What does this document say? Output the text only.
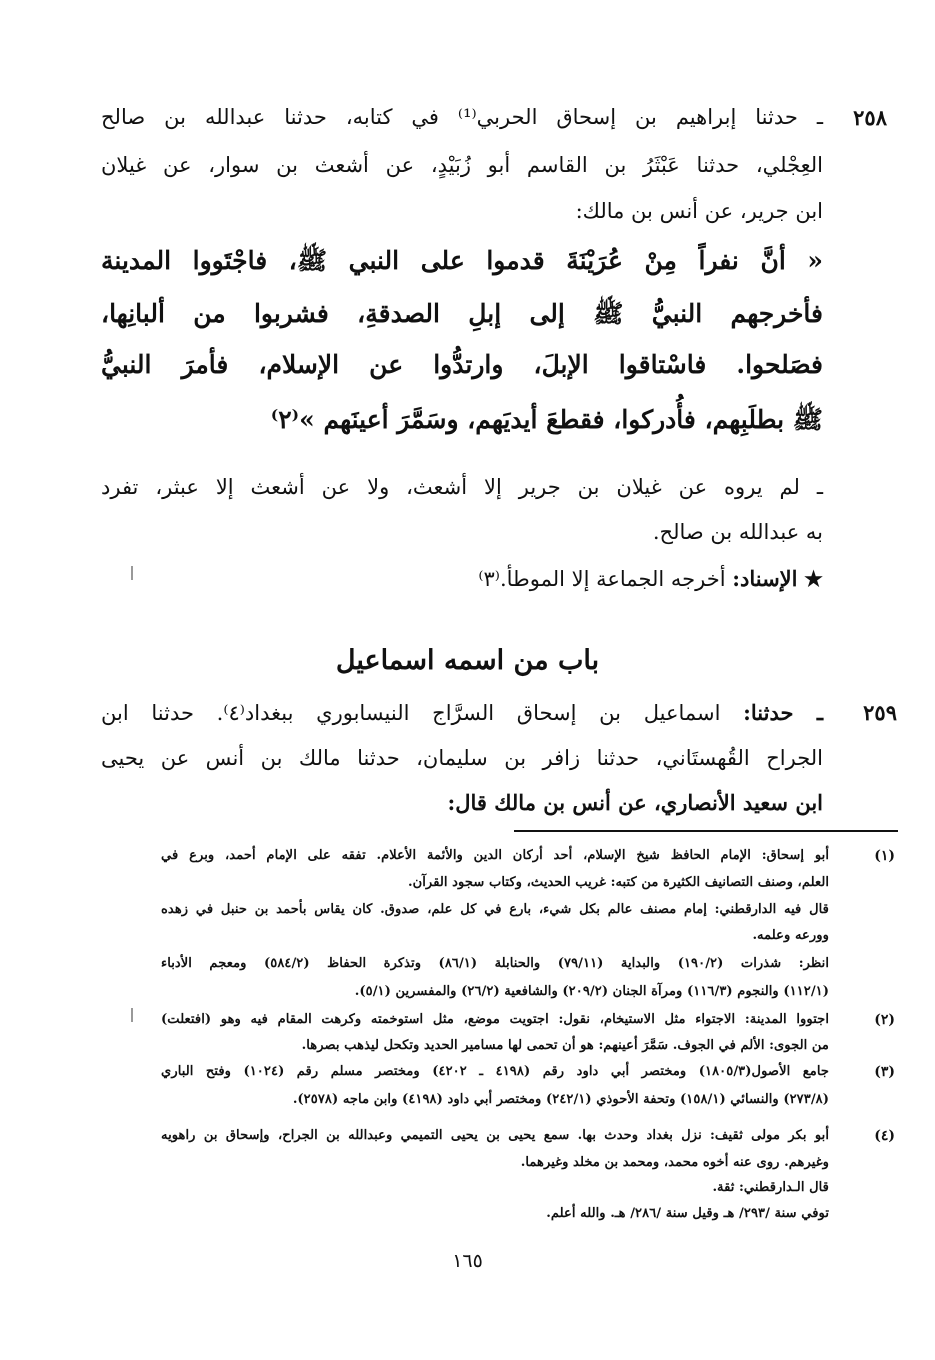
٢٥٨
ـ حدثنا إبراهيم بن إسحاق الحربي⁽¹⁾ في كتابه، حدثنا عبدالله بن صالح
العِجْلي، حدثنا عَبْثَرُ بن القاسم أبو زُبَيْدٍ، عن أشعث بن سوار، عن غيلان
ابن جرير، عن أنس بن مالك:
« أنَّ نفراً مِنْ عُرَيْنَةَ قدموا على النبي ﷺ، فاجْتَووا المدينة
فأخرجهم النبيُّ ﷺ إلى إبلِ الصدقةِ، فشربوا من ألبانِها،
فصَلحوا. فاسْتاقوا الإبلَ، وارتدُّوا عن الإسلام، فأمرَ النبيُّ
ﷺ بطلَبِهم، فأُدركوا، فقطعَ أيديَهم، وسَمَّرَ أعينَهم »⁽٢⁾
ـ لم يروه عن غيلان بن جرير إلا أشعث، ولا عن أشعث إلا عبثر، تفرد
به عبدالله بن صالح.
★ الإسناد: أخرجه الجماعة إلا الموطأ.⁽٣⁾
باب من اسمه اسماعيل
٢٥٩
ـ حدثنا: اسماعيل بن إسحاق السرَّاج النيسابوري ببغداد⁽٤⁾. حدثنا ابن
الجراح القُهستَاني، حدثنا زافر بن سليمان، حدثنا مالك بن أنس عن يحيى
ابن سعيد الأنصاري، عن أنس بن مالك قال:
(١)
أبو إسحاق: الإمام الحافظ شيخ الإسلام، أحد أركان الدين والأئمة الأعلام. تفقه على الإمام أحمد، وبرع في
العلم، وصنف التصانيف الكثيرة من كتبه: غريب الحديث، وكتاب سجود القرآن.
قال فيه الدارقطني: إمام مصنف عالم بكل شيء، بارع في كل علم، صدوق. كان يقاس بأحمد بن حنبل في زهده
وورعه وعلمه.
انظر: شذرات (١٩٠/٢) والبداية (٧٩/١١) والحنابلة (٨٦/١) وتذكرة الحفاظ (٥٨٤/٢) ومعجم الأدباء
(١١٢/١) والنجوم (١١٦/٣) ومرآة الجنان (٢٠٩/٢) والشافعية (٢٦/٢) والمفسرين (٥/١).
(٢)
اجتووا المدينة: الاجتواء مثل الاستيخام، نقول: اجتويت موضع، مثل استوخمته وكرهت المقام فيه وهو (افتعلت)
من الجوى: الألم في الجوف. سَمَّرَ أعينهم: هو أن تحمى لها مسامير الحديد وتكحل ليذهب بصرها.
(٣)
جامع الأصول(١٨٠٥/٣) ومختصر أبي داود رقم (٤١٩٨ ـ ٤٢٠٢) ومختصر مسلم رقم (١٠٢٤) وفتح الباري
(٢٧٣/٨) والنسائي (١٥٨/١) وتحفة الأحوذي (٢٤٢/١) ومختصر أبي داود (٤١٩٨) وابن ماجه (٢٥٧٨).
(٤)
أبو بكر مولى ثقيف: نزل بغداد وحدث بها. سمع يحيى بن يحيى التميمي وعبدالله بن الجراح، وإسحاق بن راهويه
وغيرهم. روى عنه أخوه محمد، ومحمد بن مخلد وغيرهما.
قال الـدارقطني: ثقة.
توفي سنة /٢٩٣/ هـ وقيل سنة /٢٨٦/ هـ. والله أعلم.
١٦٥
